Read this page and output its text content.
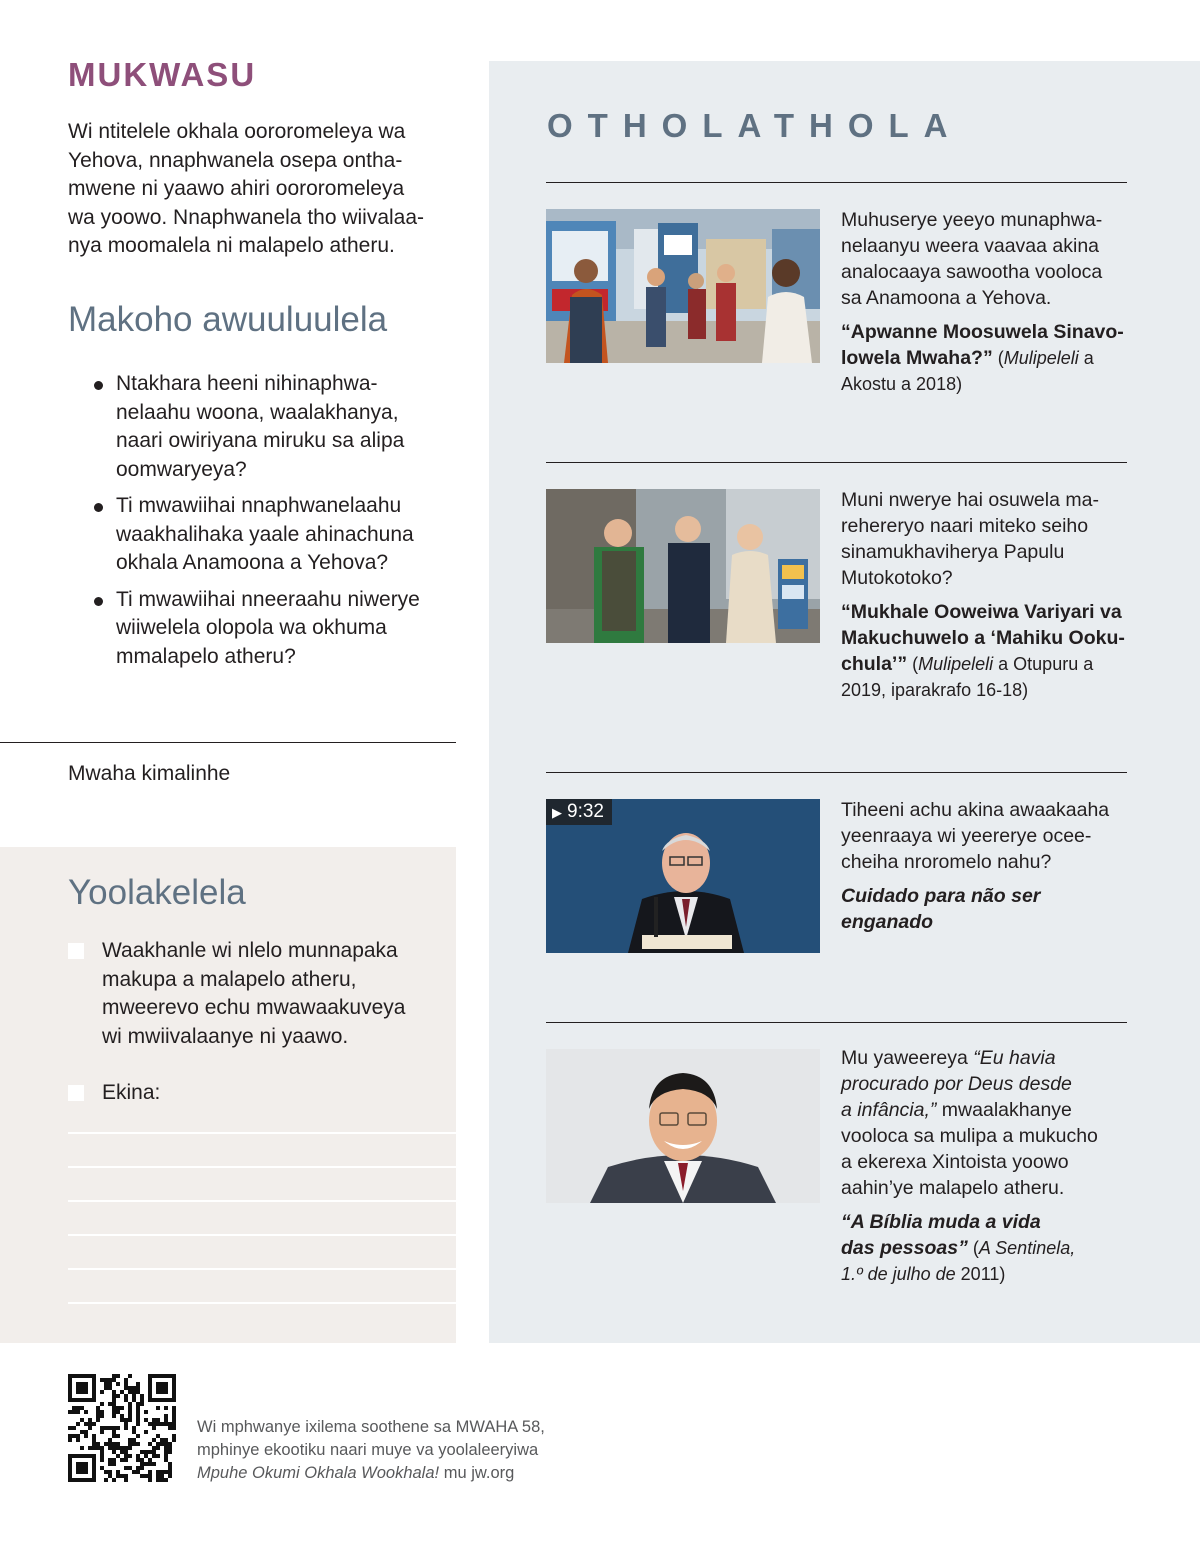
MUKWASU
Wi ntitelele okhala oororomeleya wa
Yehova, nnaphwanela osepa ontha-
mwene ni yaawo ahiri oororomeleya
wa yoowo. Nnaphwanela tho wiivalaa-
nya moomalela ni malapelo atheru.
Makoho awuuluulela
Ntakhara heeni nihinaphwa-
nelaahu woona, waalakhanya,
naari owiriyana miruku sa alipa
oomwaryeya?
Ti mwawiihai nnaphwanelaahu
waakhalihaka yaale ahinachuna
okhala Anamoona a Yehova?
Ti mwawiihai nneeraahu niwerye
wiiwelela olopola wa okhuma
mmalapelo atheru?
Mwaha kimalinhe
Yoolakelela
Waakhanle wi nlelo munnapaka
makupa a malapelo atheru,
mweerevo echu mwawaakuveya
wi mwiivalaanye ni yaawo.
Ekina:
OTHOLATHOLA
Muhuserye yeeyo munaphwa-
nelaanyu weera vaavaa akina
analocaaya sawootha vooloca
sa Anamoona a Yehova.
“Apwanne Moosuwela Sinavo-
lowela Mwaha?” (Mulipeleli a
Akostu a 2018)
Muni nwerye hai osuwela ma-
rehereryo naari miteko seiho
sinamukhaviherya Papulu
Mutokotoko?
“Mukhale Ooweiwa Variyari va
Makuchuwelo a ‘Mahiku Ooku-
chula’” (Mulipeleli a Otupuru a
2019, iparakrafo 16-18)
▶ 9:32	Tiheeni achu akina awaakaaha
yeenraaya wi yeererye ocee-
cheiha nroromelo nahu?
Cuidado para não ser
enganado
Mu yaweereya “Eu havia
procurado por Deus desde
a infância,” mwaalakhanye
vooloca sa mulipa a mukucho
a ekerexa Xintoista yoowo
aahin’ye malapelo atheru.
“A Bíblia muda a vida
das pessoas” (A Sentinela,
1.º de julho de 2011)
Wi mphwanye ixilema soothene sa MWAHA 58,
mphinye ekootiku naari muye va yoolaleeryiwa
Mpuhe Okumi Okhala Wookhala! mu jw.org
